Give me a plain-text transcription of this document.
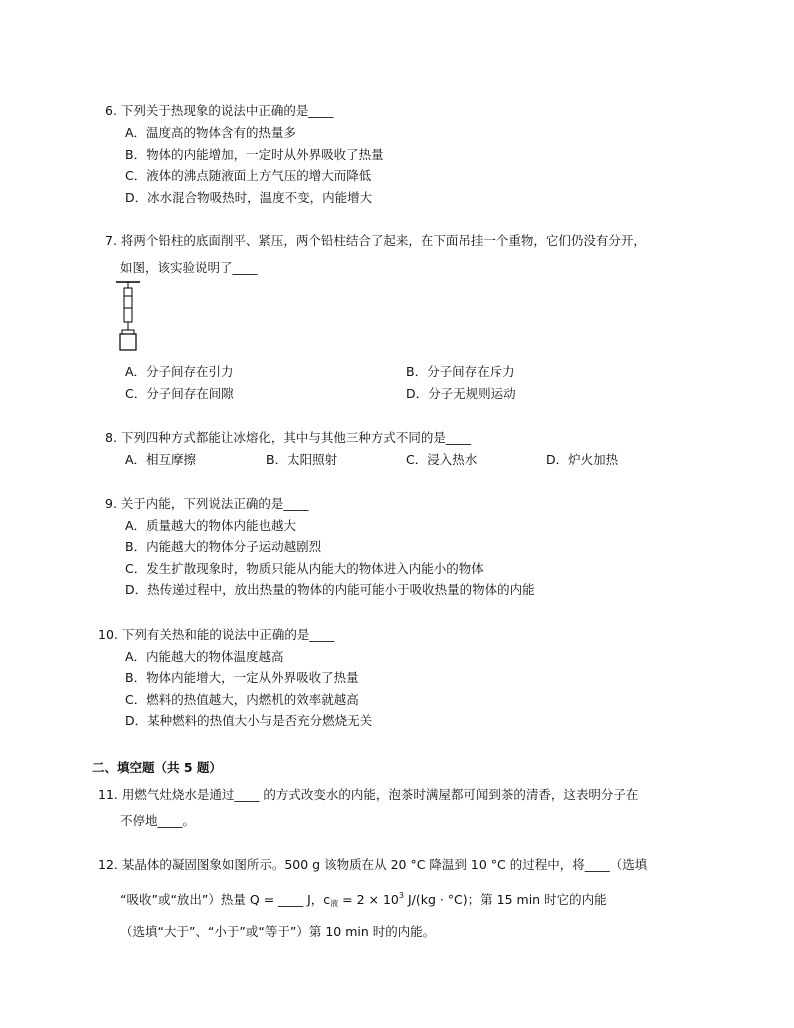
6. 下列关于热现象的说法中正确的是____
A．温度高的物体含有的热量多
B．物体的内能增加，一定时从外界吸收了热量
C．液体的沸点随液面上方气压的增大而降低
D．冰水混合物吸热时，温度不变，内能增大
7. 将两个铅柱的底面削平、紧压，两个铅柱结合了起来，在下面吊挂一个重物，它们仍没有分开，
如图，该实验说明了____
A．分子间存在引力	B．分子间存在斥力
C．分子间存在间隙	D．分子无规则运动
8. 下列四种方式都能让冰熔化，其中与其他三种方式不同的是____
A．相互摩擦	B．太阳照射	C．浸入热水	D．炉火加热
9. 关于内能，下列说法正确的是____
A．质量越大的物体内能也越大
B．内能越大的物体分子运动越剧烈
C．发生扩散现象时，物质只能从内能大的物体进入内能小的物体
D．热传递过程中，放出热量的物体的内能可能小于吸收热量的物体的内能
10. 下列有关热和能的说法中正确的是____
A．内能越大的物体温度越高
B．物体内能增大，一定从外界吸收了热量
C．燃料的热值越大，内燃机的效率就越高
D．某种燃料的热值大小与是否充分燃烧无关
二、填空题（共 5 题）
11. 用燃气灶烧水是通过____ 的方式改变水的内能，泡茶时满屋都可闻到茶的清香，这表明分子在
不停地____。
12. 某晶体的凝固图象如图所示。500 g 该物质在从 20 °C 降温到 10 °C 的过程中，将____（选填
“吸收”或“放出”）热量 Q = ____ J，$c_液 = 2 \times 10^3$ J/(kg · °C)；第 15 min 时它的内能
（选填“大于”、“小于”或“等于”）第 10 min 时的内能。
